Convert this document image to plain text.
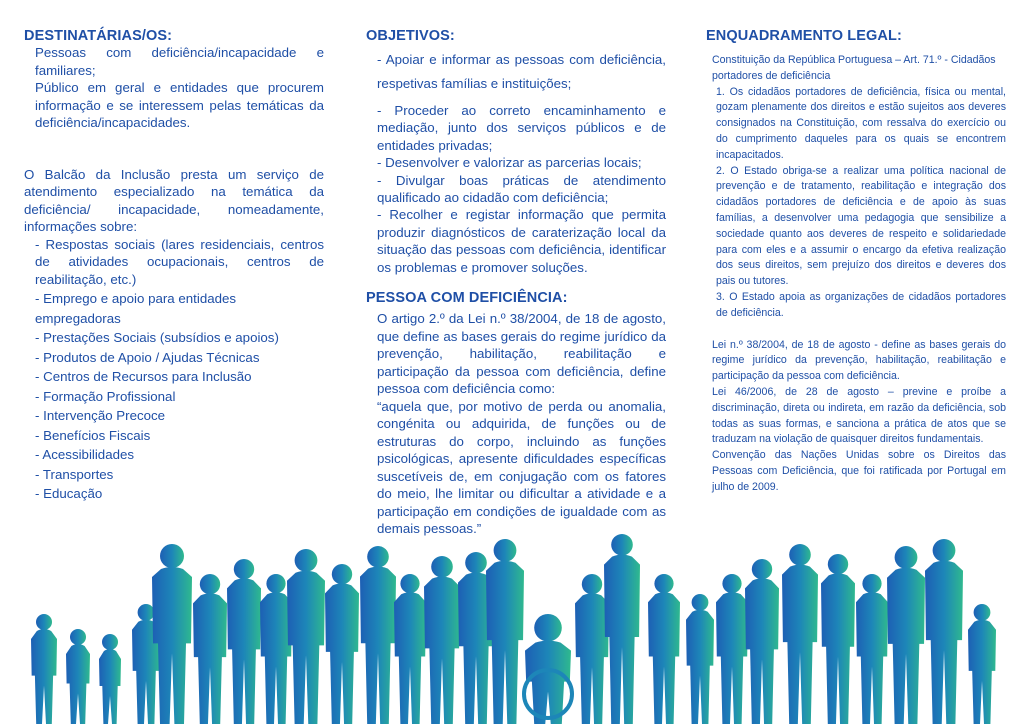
DESTINATÁRIAS/OS:
Pessoas com deficiência/incapacidade e familiares;
Público em geral e entidades que procurem informação e se interessem pelas temáticas da deficiência/incapacidades.
O Balcão da Inclusão presta um serviço de atendimento especializado na temática da deficiência/ incapacidade, nomeadamente, informações sobre:
- Respostas sociais (lares residenciais, centros de atividades ocupacionais, centros de reabilitação, etc.)
- Emprego e apoio para entidades empregadoras
- Prestações Sociais (subsídios e apoios)
- Produtos de Apoio / Ajudas Técnicas
- Centros de Recursos para Inclusão
- Formação Profissional
- Intervenção Precoce
- Benefícios Fiscais
- Acessibilidades
- Transportes
- Educação
OBJETIVOS:
- Apoiar e informar as pessoas com deficiência, respetivas famílias e instituições;
- Proceder ao correto encaminhamento e mediação, junto dos serviços públicos e de entidades privadas;
- Desenvolver e valorizar as parcerias locais;
- Divulgar boas práticas de atendimento qualificado ao cidadão com deficiência;
- Recolher e registar informação que permita produzir diagnósticos de caraterização local da situação das pessoas com deficiência, identificar os problemas e promover soluções.
PESSOA COM DEFICIÊNCIA:
O artigo 2.º da Lei n.º 38/2004, de 18 de agosto, que define as bases gerais do regime jurídico da prevenção, habilitação, reabilitação e participação da pessoa com deficiência, define pessoa com deficiência como:
“aquela que, por motivo de perda ou anomalia, congénita ou adquirida, de funções ou de estruturas do corpo, incluindo as funções psicológicas, apresente dificuldades específicas suscetíveis de, em conjugação com os fatores do meio, lhe limitar ou dificultar a atividade e a participação em condições de igualdade com as demais pessoas.”
ENQUADRAMENTO LEGAL:
Constituição da República Portuguesa – Art. 71.º - Cidadãos portadores de deficiência
1. Os cidadãos portadores de deficiência, física ou mental, gozam plenamente dos direitos e estão sujeitos aos deveres consignados na Constituição, com ressalva do exercício ou do cumprimento daqueles para os quais se encontrem incapacitados.
2. O Estado obriga-se a realizar uma política nacional de prevenção e de tratamento, reabilitação e integração dos cidadãos portadores de deficiência e de apoio às suas famílias, a desenvolver uma pedagogia que sensibilize a sociedade quanto aos deveres de respeito e solidariedade para com eles e a assumir o encargo da efetiva realização dos seus direitos, sem prejuízo dos direitos e deveres dos pais ou tutores.
3. O Estado apoia as organizações de cidadãos portadores de deficiência.
Lei n.º 38/2004, de 18 de agosto - define as bases gerais do regime jurídico da prevenção, habilitação, reabilitação e participação da pessoa com deficiência.
Lei 46/2006, de 28 de agosto – previne e proíbe a discriminação, direta ou indireta, em razão da deficiência, sob todas as suas formas, e sanciona a prática de atos que se traduzam na violação de quaisquer direitos fundamentais.
Convenção das Nações Unidas sobre os Direitos das Pessoas com Deficiência, que foi ratificada por Portugal em julho de 2009.
